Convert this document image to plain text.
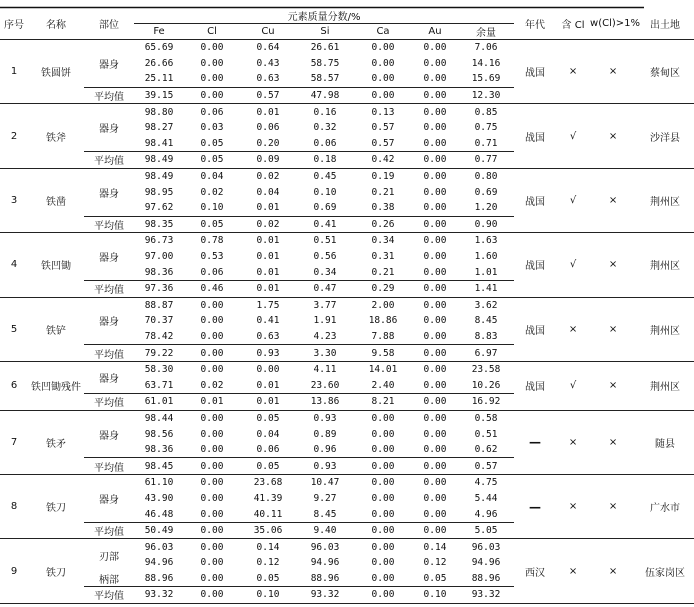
序号	名称	部位	元素质量分数/%							年代	含 Cl	w(Cl)>1%	出土地
			Fe	Cl	Cu	Si	Ca	Au	余量				
1	铁圆饼	器身	65.69	0.00	0.64	26.61	0.00	0.00	7.06	战国	×	×	蔡甸区
			26.66	0.00	0.43	58.75	0.00	0.00	14.16				
			25.11	0.00	0.63	58.57	0.00	0.00	15.69				
		平均值	39.15	0.00	0.57	47.98	0.00	0.00	12.30				
2	铁斧	器身	98.80	0.06	0.01	0.16	0.13	0.00	0.85	战国	√	×	沙洋县
			98.27	0.03	0.06	0.32	0.57	0.00	0.75				
			98.41	0.05	0.20	0.06	0.57	0.00	0.71				
		平均值	98.49	0.05	0.09	0.18	0.42	0.00	0.77				
3	铁凿	器身	98.49	0.04	0.02	0.45	0.19	0.00	0.80	战国	√	×	荆州区
			98.95	0.02	0.04	0.10	0.21	0.00	0.69				
			97.62	0.10	0.01	0.69	0.38	0.00	1.20				
		平均值	98.35	0.05	0.02	0.41	0.26	0.00	0.90				
4	铁凹锄	器身	96.73	0.78	0.01	0.51	0.34	0.00	1.63	战国	√	×	荆州区
			97.00	0.53	0.01	0.56	0.31	0.00	1.60				
			98.36	0.06	0.01	0.34	0.21	0.00	1.01				
		平均值	97.36	0.46	0.01	0.47	0.29	0.00	1.41				
5	铁铲	器身	88.87	0.00	1.75	3.77	2.00	0.00	3.62	战国	×	×	荆州区
			70.37	0.00	0.41	1.91	18.86	0.00	8.45				
			78.42	0.00	0.63	4.23	7.88	0.00	8.83				
		平均值	79.22	0.00	0.93	3.30	9.58	0.00	6.97				
6	铁凹锄残件	器身	58.30	0.00	0.00	4.11	14.01	0.00	23.58	战国	√	×	荆州区
			63.71	0.02	0.01	23.60	2.40	0.00	10.26				
		平均值	61.01	0.01	0.01	13.86	8.21	0.00	16.92				
7	铁矛	器身	98.44	0.00	0.05	0.93	0.00	0.00	0.58	—	×	×	随县
			98.56	0.00	0.04	0.89	0.00	0.00	0.51				
			98.36	0.00	0.06	0.96	0.00	0.00	0.62				
		平均值	98.45	0.00	0.05	0.93	0.00	0.00	0.57				
8	铁刀	器身	61.10	0.00	23.68	10.47	0.00	0.00	4.75	—	×	×	广水市
			43.90	0.00	41.39	9.27	0.00	0.00	5.44				
			46.48	0.00	40.11	8.45	0.00	0.00	4.96				
		平均值	50.49	0.00	35.06	9.40	0.00	0.00	5.05				
9	铁刀	刃部	96.03	0.00	0.14	96.03	0.00	0.14	96.03	西汉	×	×	伍家岗区
			94.96	0.00	0.12	94.96	0.00	0.12	94.96				
		柄部	88.96	0.00	0.05	88.96	0.00	0.05	88.96				
		平均值	93.32	0.00	0.10	93.32	0.00	0.10	93.32				
